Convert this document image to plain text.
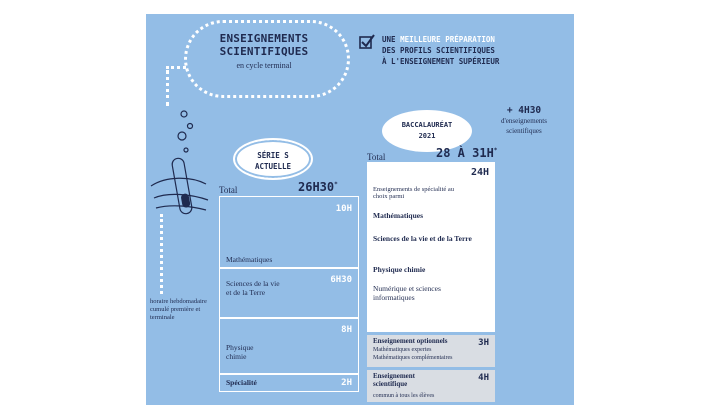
ENSEIGNEMENTS
SCIENTIFIQUES
en cycle terminal
horaire hebdomadaire cumulé première et terminale
UNE MEILLEURE PRÉPARATION
DES PROFILS SCIENTIFIQUES
À L'ENSEIGNEMENT SUPÉRIEUR
BACCALAURÉAT
2021
+ 4H30
d'enseignements
scientifiques
SÉRIE S
ACTUELLE
Total	26H30*
10H
Mathématiques
6H30
Sciences de la vie et de la Terre
8H
Physique chimie
2H
Spécialité
Total	28 À 31H*
24H
Enseignements de spécialité au choix parmi
Mathématiques
Sciences de la vie et de la Terre
Physique chimie
Numérique et sciences informatiques
3H
Enseignement optionnels
Mathématiques expertes
Mathématiques complémentaires
4H
Enseignement scientifique
commun à tous les élèves
